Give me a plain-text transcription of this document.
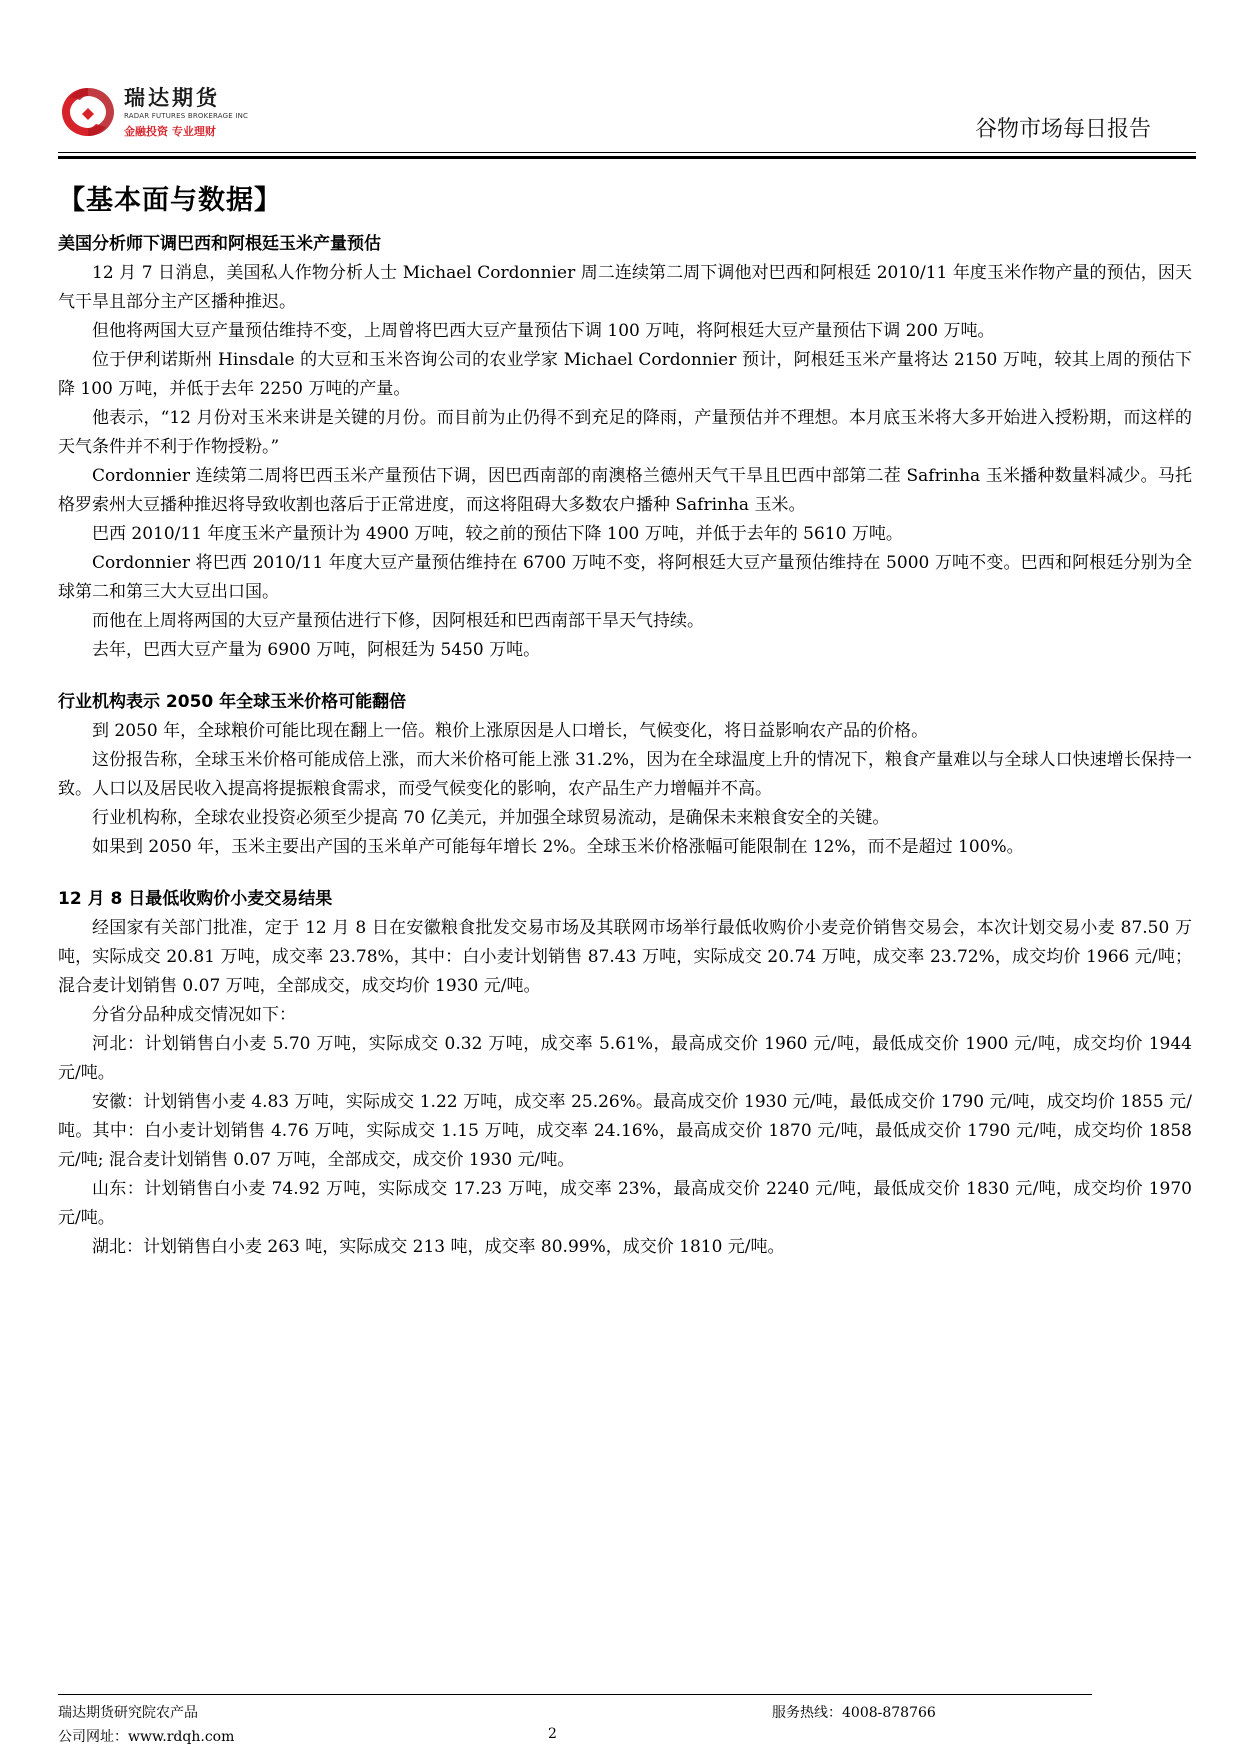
瑞达期货
RADAR FUTURES BROKERAGE INC
金融投资 专业理财	谷物市场每日报告
【基本面与数据】
美国分析师下调巴西和阿根廷玉米产量预估

12 月 7 日消息，美国私人作物分析人士 Michael Cordonnier 周二连续第二周下调他对巴西和阿根廷 2010/11 年度玉米作物产量的预估，因天气干旱且部分主产区播种推迟。

但他将两国大豆产量预估维持不变，上周曾将巴西大豆产量预估下调 100 万吨，将阿根廷大豆产量预估下调 200 万吨。

位于伊利诺斯州 Hinsdale 的大豆和玉米咨询公司的农业学家 Michael Cordonnier 预计，阿根廷玉米产量将达 2150 万吨，较其上周的预估下降 100 万吨，并低于去年 2250 万吨的产量。

他表示，“12 月份对玉米来讲是关键的月份。而目前为止仍得不到充足的降雨，产量预估并不理想。本月底玉米将大多开始进入授粉期，而这样的天气条件并不利于作物授粉。”

Cordonnier 连续第二周将巴西玉米产量预估下调，因巴西南部的南澳格兰德州天气干旱且巴西中部第二茬 Safrinha 玉米播种数量料减少。马托格罗索州大豆播种推迟将导致收割也落后于正常进度，而这将阻碍大多数农户播种 Safrinha 玉米。

巴西 2010/11 年度玉米产量预计为 4900 万吨，较之前的预估下降 100 万吨，并低于去年的 5610 万吨。

Cordonnier 将巴西 2010/11 年度大豆产量预估维持在 6700 万吨不变，将阿根廷大豆产量预估维持在 5000 万吨不变。巴西和阿根廷分别为全球第二和第三大大豆出口国。

而他在上周将两国的大豆产量预估进行下修，因阿根廷和巴西南部干旱天气持续。

去年，巴西大豆产量为 6900 万吨，阿根廷为 5450 万吨。

行业机构表示 2050 年全球玉米价格可能翻倍

到 2050 年，全球粮价可能比现在翻上一倍。粮价上涨原因是人口增长，气候变化，将日益影响农产品的价格。

这份报告称，全球玉米价格可能成倍上涨，而大米价格可能上涨 31.2%，因为在全球温度上升的情况下，粮食产量难以与全球人口快速增长保持一致。人口以及居民收入提高将提振粮食需求，而受气候变化的影响，农产品生产力增幅并不高。

行业机构称，全球农业投资必须至少提高 70 亿美元，并加强全球贸易流动，是确保未来粮食安全的关键。

如果到 2050 年，玉米主要出产国的玉米单产可能每年增长 2%。全球玉米价格涨幅可能限制在 12%，而不是超过 100%。

12 月 8 日最低收购价小麦交易结果

经国家有关部门批准，定于 12 月 8 日在安徽粮食批发交易市场及其联网市场举行最低收购价小麦竞价销售交易会，本次计划交易小麦 87.50 万吨，实际成交 20.81 万吨，成交率 23.78%，其中：白小麦计划销售 87.43 万吨，实际成交 20.74 万吨，成交率 23.72%，成交均价 1966 元/吨；混合麦计划销售 0.07 万吨，全部成交，成交均价 1930 元/吨。

分省分品种成交情况如下：

河北：计划销售白小麦 5.70 万吨，实际成交 0.32 万吨，成交率 5.61%，最高成交价 1960 元/吨，最低成交价 1900 元/吨，成交均价 1944 元/吨。

安徽：计划销售小麦 4.83 万吨，实际成交 1.22 万吨，成交率 25.26%。最高成交价 1930 元/吨，最低成交价 1790 元/吨，成交均价 1855 元/吨。其中：白小麦计划销售 4.76 万吨，实际成交 1.15 万吨，成交率 24.16%，最高成交价 1870 元/吨，最低成交价 1790 元/吨，成交均价 1858 元/吨; 混合麦计划销售 0.07 万吨，全部成交，成交价 1930 元/吨。

山东：计划销售白小麦 74.92 万吨，实际成交 17.23 万吨，成交率 23%，最高成交价 2240 元/吨，最低成交价 1830 元/吨，成交均价 1970 元/吨。

湖北：计划销售白小麦 263 吨，实际成交 213 吨，成交率 80.99%，成交价 1810 元/吨。

瑞达期货研究院农产品	服务热线：4008-878766
公司网址：www.rdqh.com	2
